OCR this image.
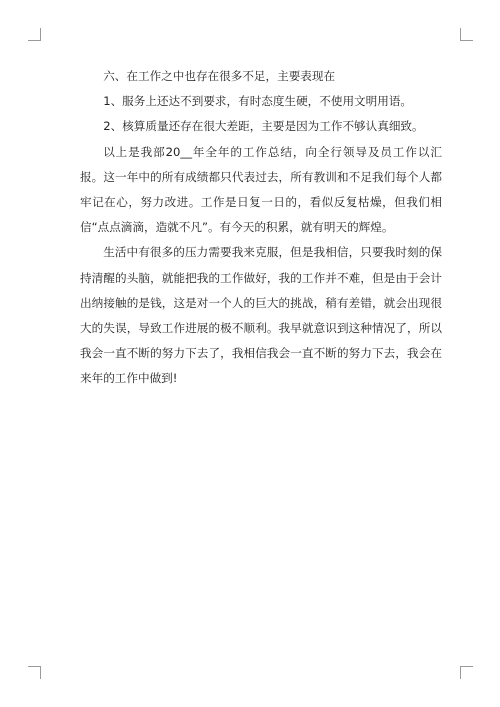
六、在工作之中也存在很多不足，主要表现在

1、服务上还达不到要求，有时态度生硬，不使用文明用语。

2、核算质量还存在很大差距，主要是因为工作不够认真细致。

以上是我部20__年全年的工作总结，向全行领导及员工作以汇报。这一年中的所有成绩都只代表过去，所有教训和不足我们每个人都牢记在心，努力改进。工作是日复一日的，看似反复枯燥，但我们相信“点点滴滴，造就不凡”。有今天的积累，就有明天的辉煌。

生活中有很多的压力需要我来克服，但是我相信，只要我时刻的保持清醒的头脑，就能把我的工作做好，我的工作并不难，但是由于会计出纳接触的是钱，这是对一个人的巨大的挑战，稍有差错，就会出现很大的失误，导致工作进展的极不顺利。我早就意识到这种情况了，所以我会一直不断的努力下去了，我相信我会一直不断的努力下去，我会在来年的工作中做到!
